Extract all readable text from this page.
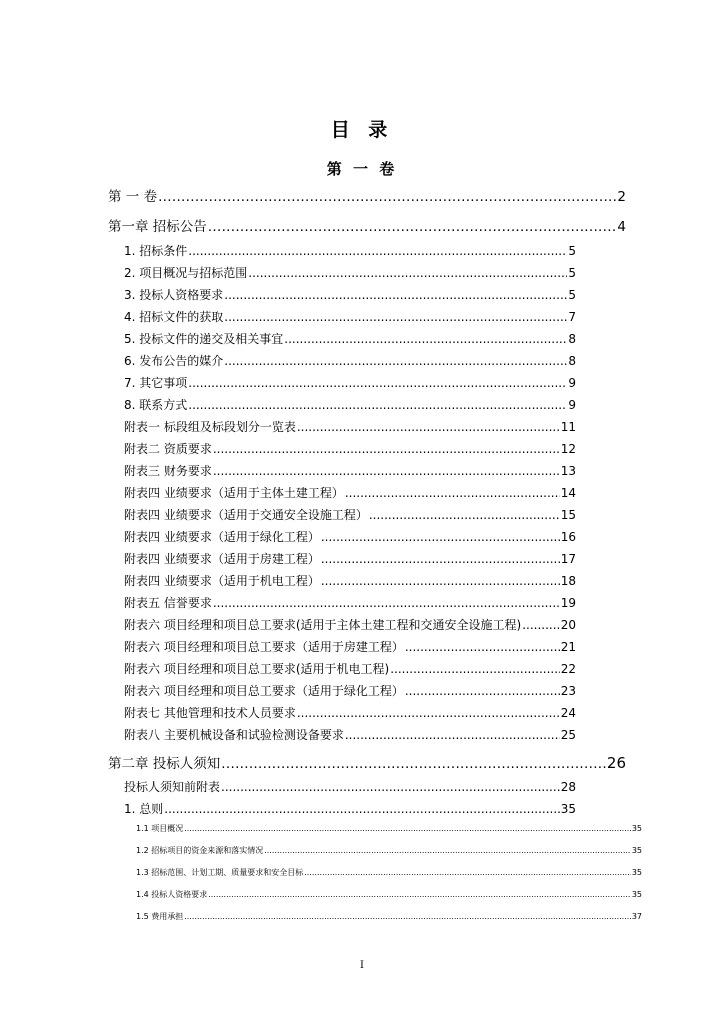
目 录
第 一 卷
第 一 卷 .....	2
第一章 招标公告 .....	4
1. 招标条件 .....	5
2. 项目概况与招标范围 .....	5
3. 投标人资格要求 .....	5
4. 招标文件的获取 .....	7
5. 投标文件的递交及相关事宜 .....	8
6. 发布公告的媒介 .....	8
7. 其它事项 .....	9
8. 联系方式 .....	9
附表一 标段组及标段划分一览表 .....	11
附表二 资质要求 .....	12
附表三 财务要求 .....	13
附表四 业绩要求（适用于主体土建工程） .....	14
附表四 业绩要求（适用于交通安全设施工程） .....	15
附表四 业绩要求（适用于绿化工程） .....	16
附表四 业绩要求（适用于房建工程） .....	17
附表四 业绩要求（适用于机电工程） .....	18
附表五 信誉要求 .....	19
附表六 项目经理和项目总工要求(适用于主体土建工程和交通安全设施工程) .....	20
附表六 项目经理和项目总工要求（适用于房建工程） .....	21
附表六 项目经理和项目总工要求(适用于机电工程) .....	22
附表六 项目经理和项目总工要求（适用于绿化工程） .....	23
附表七 其他管理和技术人员要求 .....	24
附表八 主要机械设备和试验检测设备要求 .....	25
第二章 投标人须知 .....	26
投标人须知前附表 .....	28
1. 总则 .....	35
1.1 项目概况 .....	35
1.2 招标项目的资金来源和落实情况 .....	35
1.3 招标范围、计划工期、质量要求和安全目标 .....	35
1.4 投标人资格要求 .....	35
1.5 费用承担 .....	37
I
